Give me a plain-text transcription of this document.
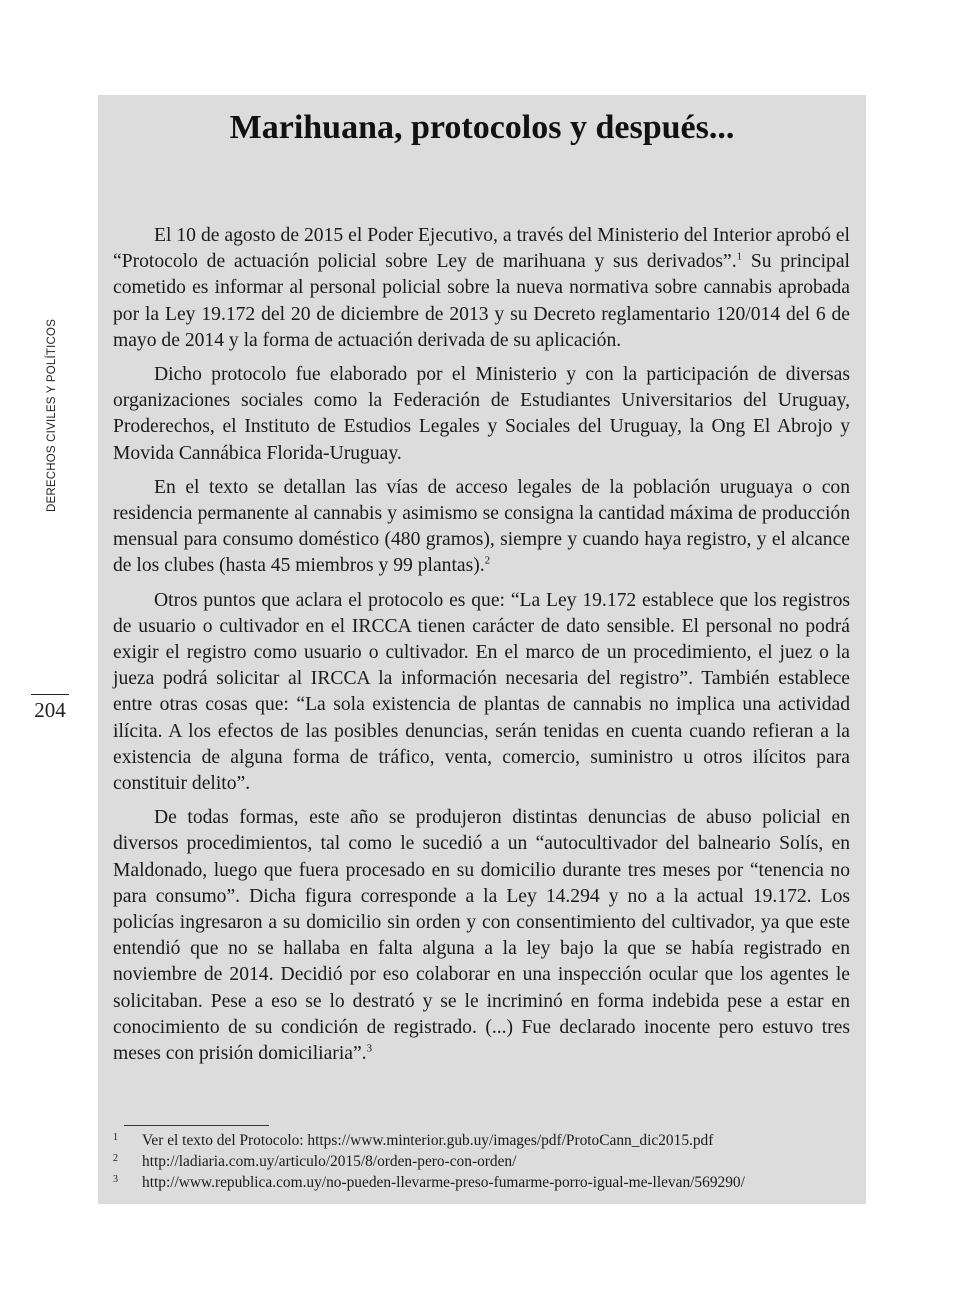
DERECHOS CIVILES Y POLÍTICOS
204
Marihuana, protocolos y después...

El 10 de agosto de 2015 el Poder Ejecutivo, a través del Ministerio del Interior aprobó el “Protocolo de actuación policial sobre Ley de marihuana y sus derivados”.$^1$ Su principal cometido es informar al personal policial sobre la nueva normativa sobre cannabis aprobada por la Ley 19.172 del 20 de diciembre de 2013 y su Decreto reglamentario 120/014 del 6 de mayo de 2014 y la forma de actuación derivada de su aplicación.

Dicho protocolo fue elaborado por el Ministerio y con la participación de diversas organizaciones sociales como la Federación de Estudiantes Universitarios del Uruguay, Proderechos, el Instituto de Estudios Legales y Sociales del Uruguay, la Ong El Abrojo y Movida Cannábica Florida-Uruguay.

En el texto se detallan las vías de acceso legales de la población uruguaya o con residencia permanente al cannabis y asimismo se consigna la cantidad máxima de producción mensual para consumo doméstico (480 gramos), siempre y cuando haya registro, y el alcance de los clubes (hasta 45 miembros y 99 plantas).$^2$

Otros puntos que aclara el protocolo es que: “La Ley 19.172 establece que los registros de usuario o cultivador en el IRCCA tienen carácter de dato sensible. El personal no podrá exigir el registro como usuario o cultivador. En el marco de un procedimiento, el juez o la jueza podrá solicitar al IRCCA la información necesaria del registro”. También establece entre otras cosas que: “La sola existencia de plantas de cannabis no implica una actividad ilícita. A los efectos de las posibles denuncias, serán tenidas en cuenta cuando refieran a la existencia de alguna forma de tráfico, venta, comercio, suministro u otros ilícitos para constituir delito”.

De todas formas, este año se produjeron distintas denuncias de abuso policial en diversos procedimientos, tal como le sucedió a un “autocultivador del balneario Solís, en Maldonado, luego que fuera procesado en su domicilio durante tres meses por “tenencia no para consumo”. Dicha figura corresponde a la Ley 14.294 y no a la actual 19.172. Los policías ingresaron a su domicilio sin orden y con consentimiento del cultivador, ya que este entendió que no se hallaba en falta alguna a la ley bajo la que se había registrado en noviembre de 2014. Decidió por eso colaborar en una inspección ocular que los agentes le solicitaban. Pese a eso se lo destrató y se le incriminó en forma indebida pese a estar en conocimiento de su condición de registrado. (...) Fue declarado inocente pero estuvo tres meses con prisión domiciliaria”.$^3$

1	Ver el texto del Protocolo: https://www.minterior.gub.uy/images/pdf/ProtoCann_dic2015.pdf
2	http://ladiaria.com.uy/articulo/2015/8/orden-pero-con-orden/
3	http://www.republica.com.uy/no-pueden-llevarme-preso-fumarme-porro-igual-me-llevan/569290/
